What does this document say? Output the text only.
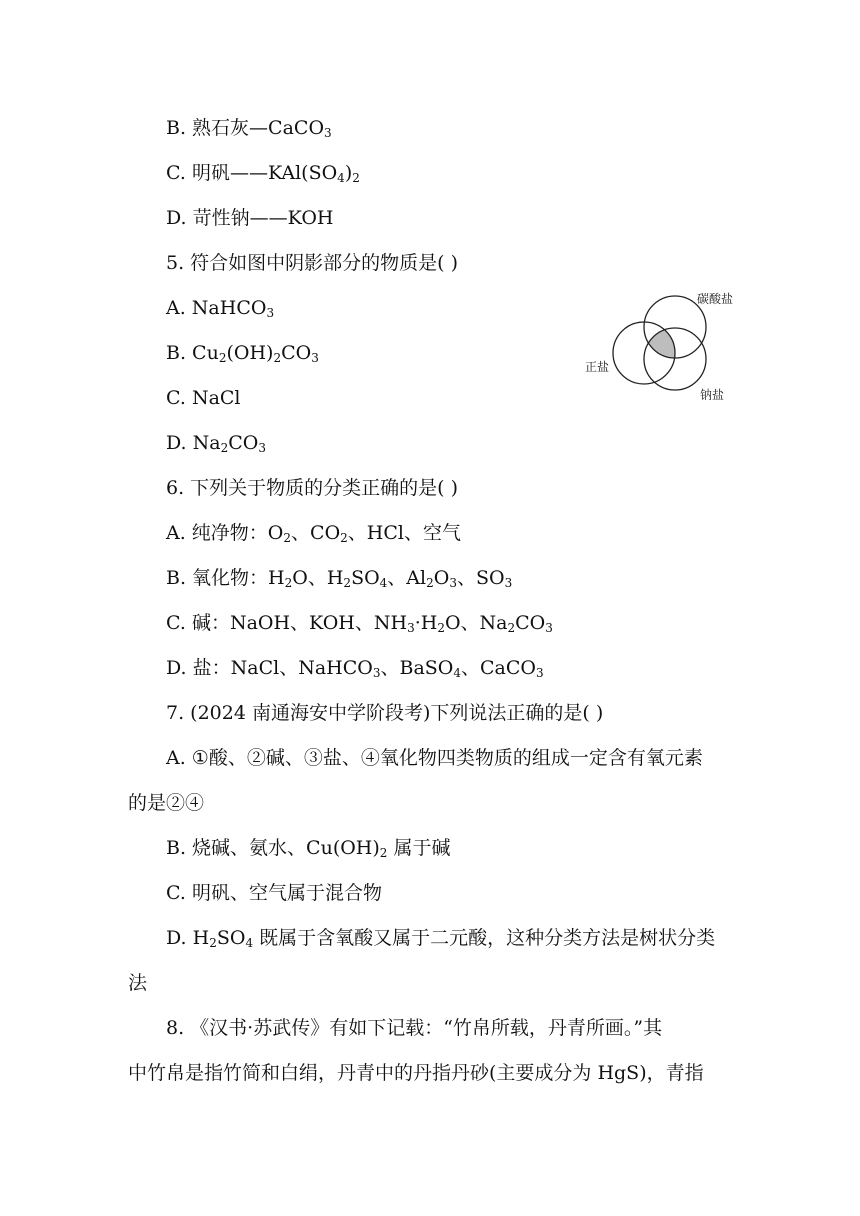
B. 熟石灰—CaCO$_3$
C. 明矾$——KAl(SO_4)_2$
D. 苛性钠——KOH
5. 符合如图中阴影部分的物质是( )
A. NaHCO$_3$
B. $Cu_2(OH)_2CO_3$
C. NaCl
D. $Na_2CO_3$
碳酸盐
正盐
钠盐
6. 下列关于物质的分类正确的是( )
A. 纯净物：$O_2$、$CO_2$、HCl、空气
B. 氧化物：$H_2O$、$H_2SO_4$、$Al_2O_3$、$SO_3$
C. 碱：NaOH、KOH、$NH_3\cdot H_2O$、$Na_2CO_3$
D. 盐：NaCl、NaHCO$_3$、BaSO$_4$、CaCO$_3$
7. (2024 南通海安中学阶段考)下列说法正确的是( )
A. ①酸、②碱、③盐、④氧化物四类物质的组成一定含有氧元素
的是②④
B. 烧碱、氨水、$Cu(OH)_2$ 属于碱
C. 明矾、空气属于混合物
D. $H_2SO_4$ 既属于含氧酸又属于二元酸，这种分类方法是树状分类
法
8. 《汉书·苏武传》有如下记载：“竹帛所载，丹青所画。”其
中竹帛是指竹简和白绢，丹青中的丹指丹砂(主要成分为 HgS)，青指
